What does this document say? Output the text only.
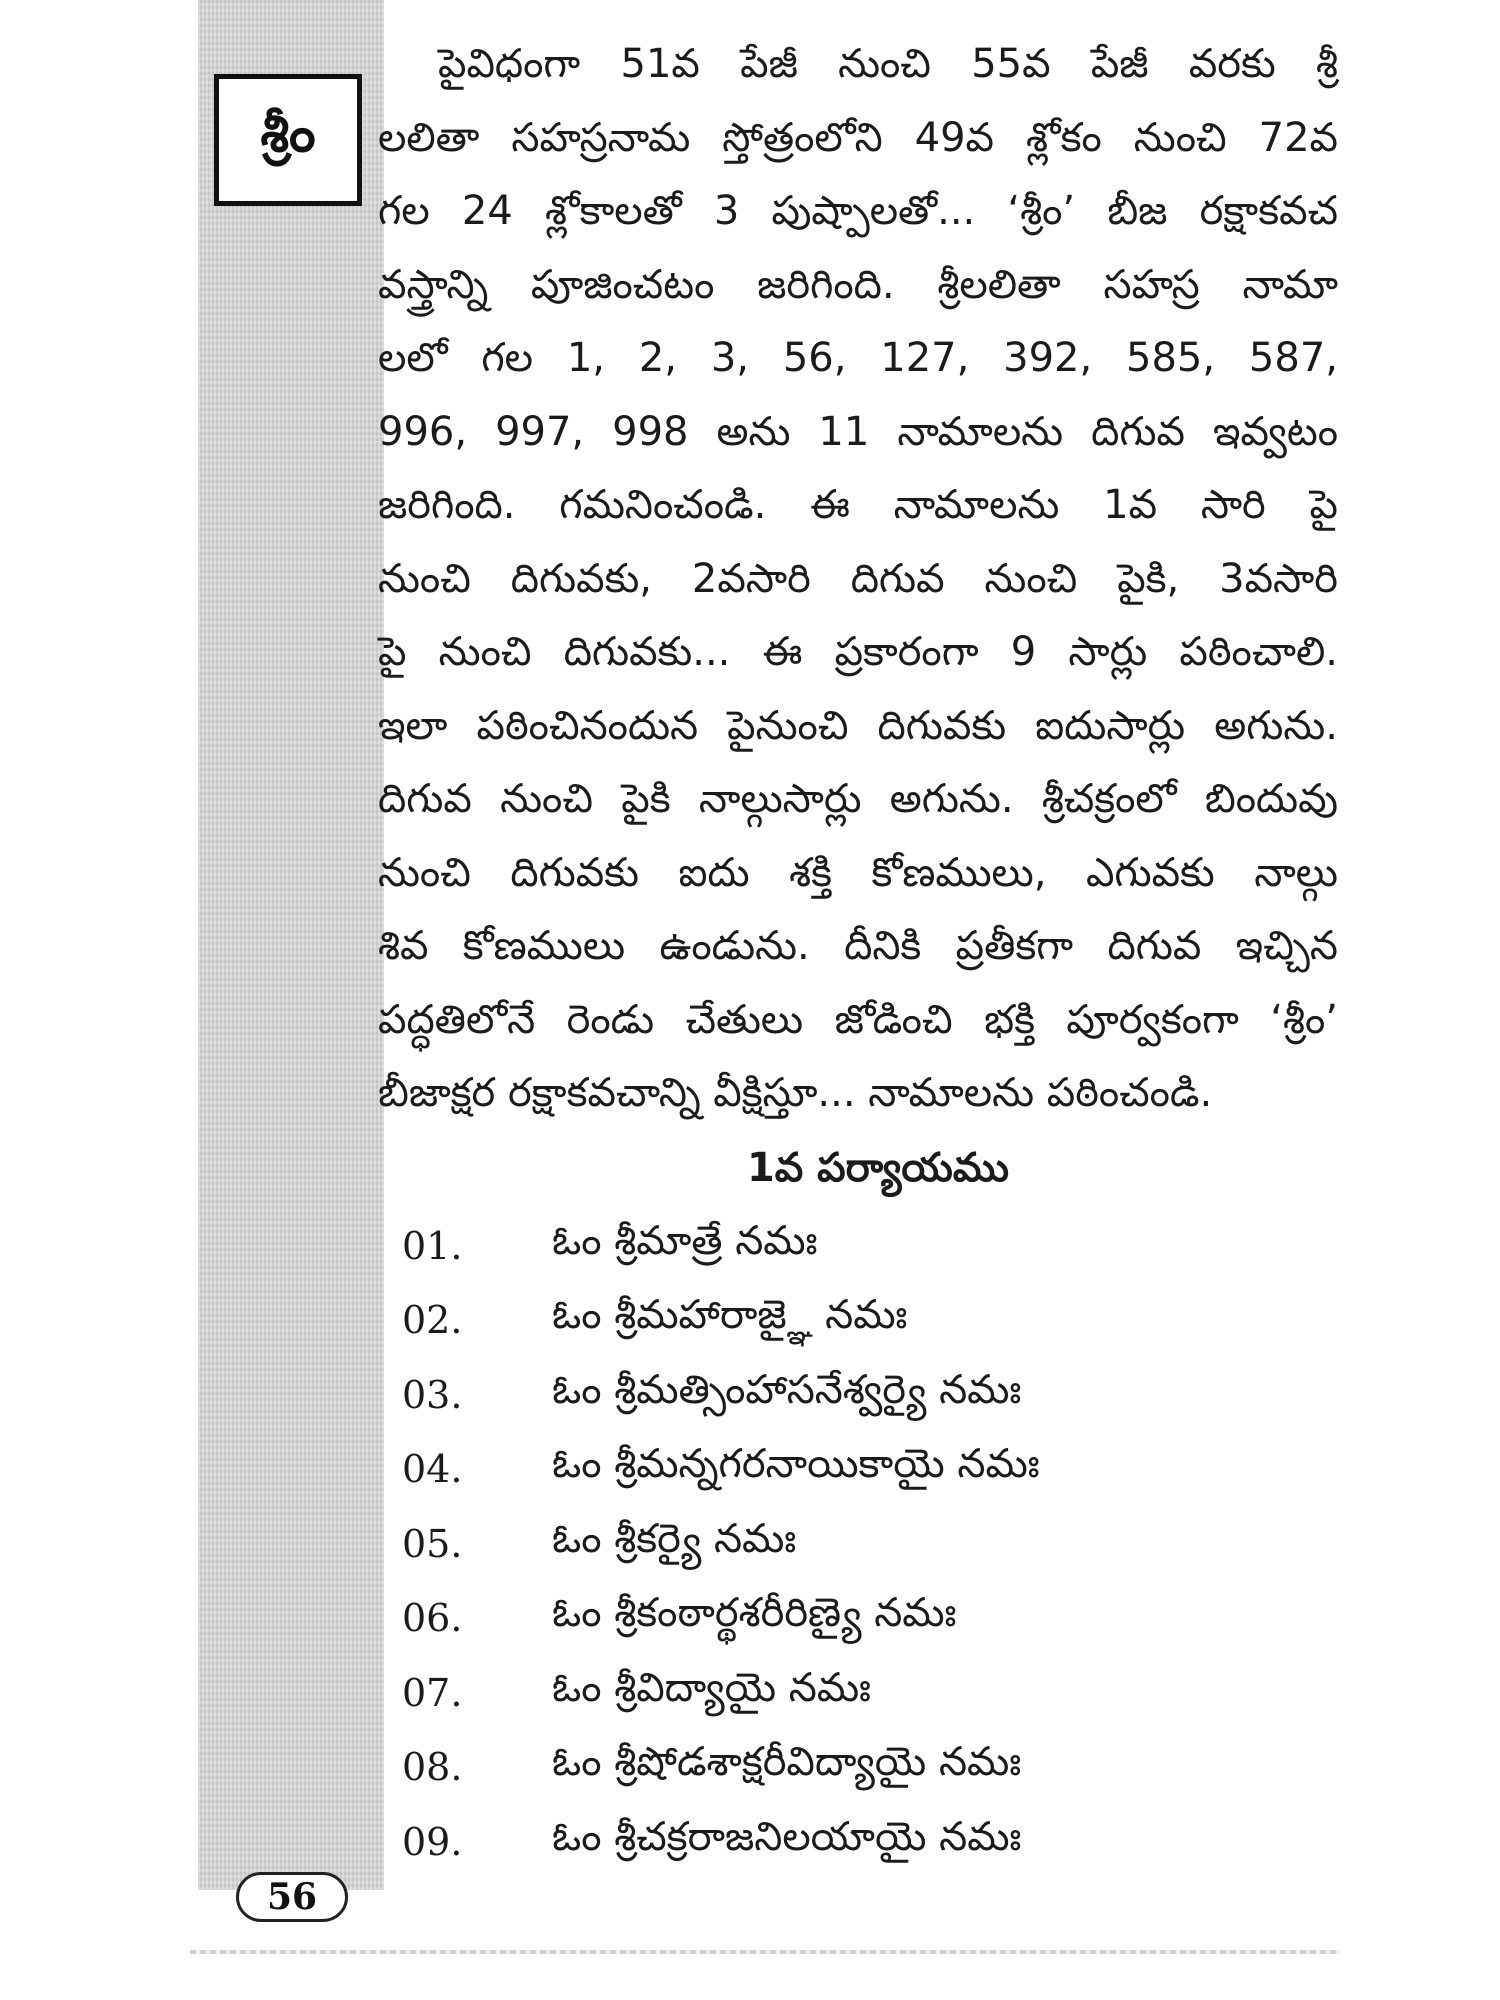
శ్రీం
పైవిధంగా 51వ పేజీ నుంచి 55వ పేజీ వరకు శ్రీ
లలితా సహస్రనామ స్తోత్రంలోని 49వ శ్లోకం నుంచి 72వ
గల 24 శ్లోకాలతో 3 పుష్పాలతో... ‘శ్రీం’ బీజ రక్షాకవచ
వస్త్రాన్ని పూజించటం జరిగింది. శ్రీలలితా సహస్ర నామా
లలో గల 1, 2, 3, 56, 127, 392, 585, 587,
996, 997, 998 అను 11 నామాలను దిగువ ఇవ్వటం
జరిగింది. గమనించండి. ఈ నామాలను 1వ సారి పై
నుంచి దిగువకు, 2వసారి దిగువ నుంచి పైకి, 3వసారి
పై నుంచి దిగువకు... ఈ ప్రకారంగా 9 సార్లు పఠించాలి.
ఇలా పఠించినందున పైనుంచి దిగువకు ఐదుసార్లు అగును.
దిగువ నుంచి పైకి నాల్గుసార్లు అగును. శ్రీచక్రంలో బిందువు
నుంచి దిగువకు ఐదు శక్తి కోణములు, ఎగువకు నాల్గు
శివ కోణములు ఉండును. దీనికి ప్రతీకగా దిగువ ఇచ్చిన
పద్ధతిలోనే రెండు చేతులు జోడించి భక్తి పూర్వకంగా ‘శ్రీం’
బీజాక్షర రక్షాకవచాన్ని వీక్షిస్తూ... నామాలను పఠించండి.
1వ పర్యాయము
01.	ఓం శ్రీమాత్రే నమః
02.	ఓం శ్రీమహారాజ్ఞై నమః
03.	ఓం శ్రీమత్సింహాసనేశ్వర్యై నమః
04.	ఓం శ్రీమన్నగరనాయికాయై నమః
05.	ఓం శ్రీకర్యై నమః
06.	ఓం శ్రీకంఠార్థశరీరిణ్యై నమః
07.	ఓం శ్రీవిద్యాయై నమః
08.	ఓం శ్రీషోడశాక్షరీవిద్యాయై నమః
09.	ఓం శ్రీచక్రరాజనిలయాయై నమః
56
